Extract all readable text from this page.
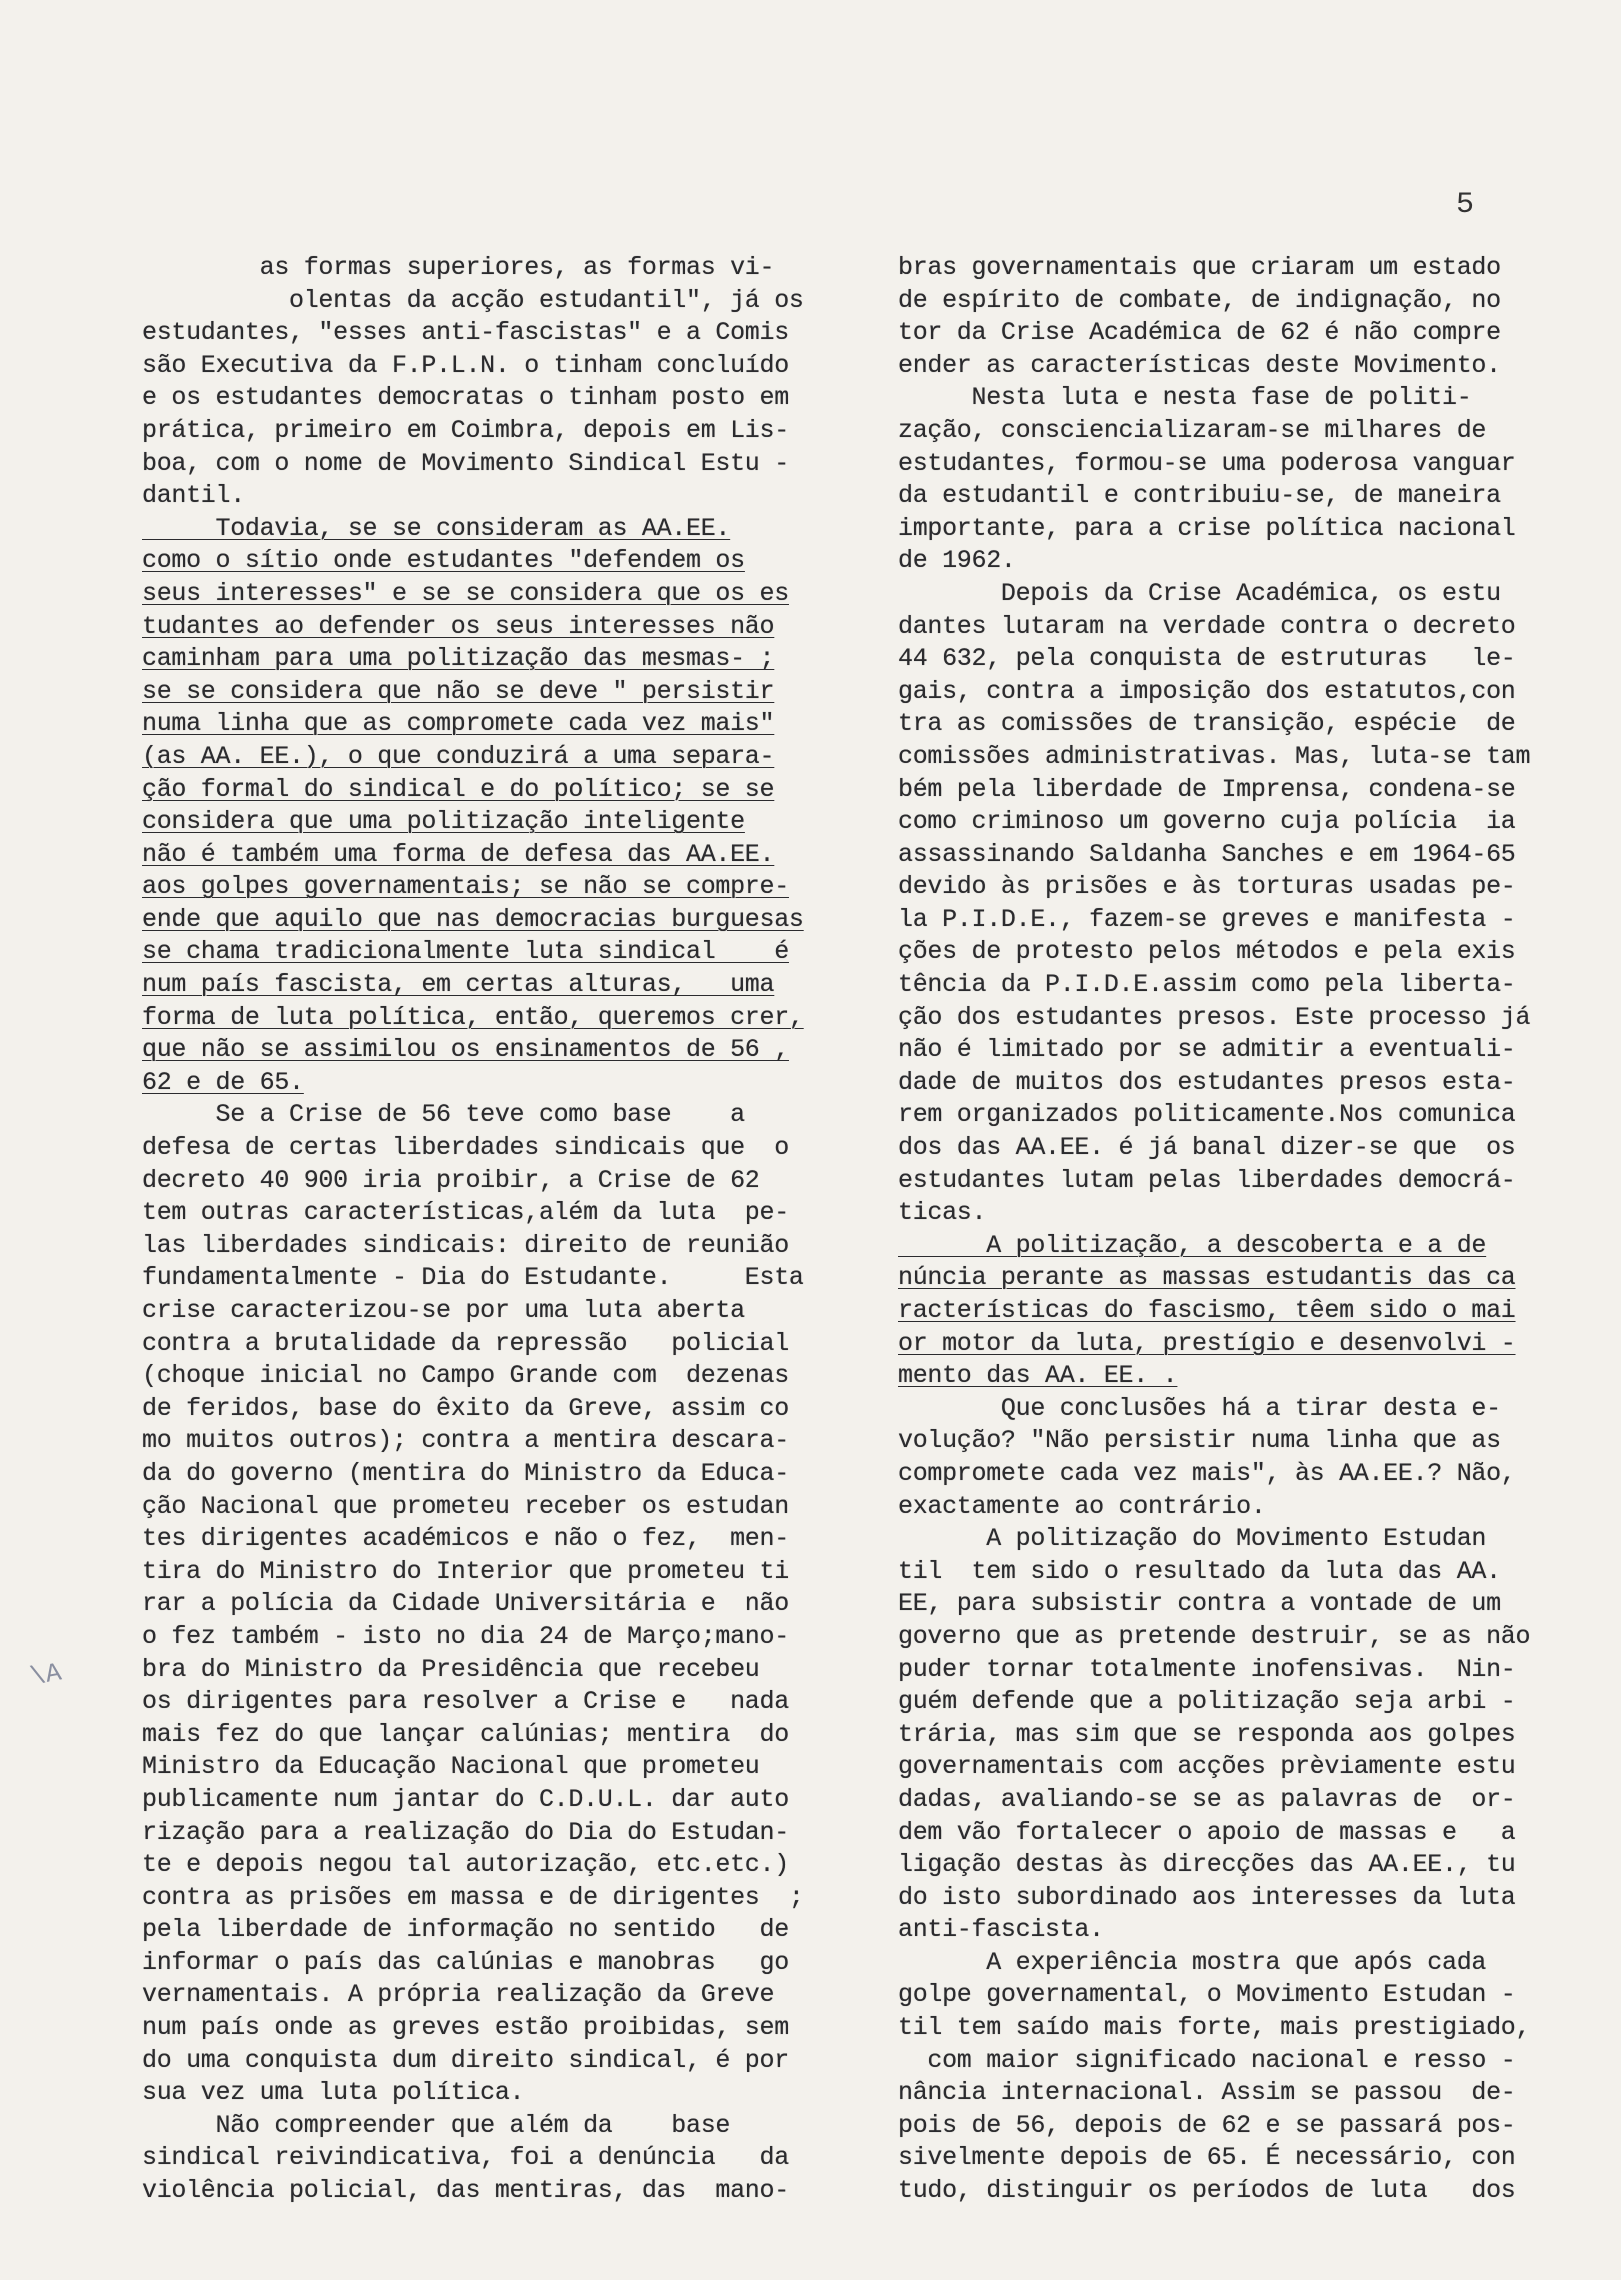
5
\A
as formas superiores, as formas vi-
olentas da acção estudantil", já os
estudantes, "esses anti-fascistas" e a Comis
são Executiva da F.P.L.N. o tinham concluído
e os estudantes democratas o tinham posto em
prática, primeiro em Coimbra, depois em Lis-
boa, com o nome de Movimento Sindical Estu -
dantil.
Todavia, se se consideram as AA.EE.
como o sítio onde estudantes "defendem os
seus interesses" e se se considera que os es
tudantes ao defender os seus interesses não
caminham para uma politização das mesmas- ;
se se considera que não se deve " persistir
numa linha que as compromete cada vez mais"
(as AA. EE.), o que conduzirá a uma separa-
ção formal do sindical e do político; se se
considera que uma politização inteligente
não é também uma forma de defesa das AA.EE.
aos golpes governamentais; se não se compre-
ende que aquilo que nas democracias burguesas
se chama tradicionalmente luta sindical    é
num país fascista, em certas alturas,   uma
forma de luta política, então, queremos crer,
que não se assimilou os ensinamentos de 56 ,
62 e de 65.
Se a Crise de 56 teve como base    a
defesa de certas liberdades sindicais que  o
decreto 40 900 iria proibir, a Crise de 62
tem outras características,além da luta  pe-
las liberdades sindicais: direito de reunião
fundamentalmente - Dia do Estudante.     Esta
crise caracterizou-se por uma luta aberta
contra a brutalidade da repressão   policial
(choque inicial no Campo Grande com  dezenas
de feridos, base do êxito da Greve, assim co
mo muitos outros); contra a mentira descara-
da do governo (mentira do Ministro da Educa-
ção Nacional que prometeu receber os estudan
tes dirigentes académicos e não o fez,  men-
tira do Ministro do Interior que prometeu ti
rar a polícia da Cidade Universitária e  não
o fez também - isto no dia 24 de Março;mano-
bra do Ministro da Presidência que recebeu
os dirigentes para resolver a Crise e   nada
mais fez do que lançar calúnias; mentira  do
Ministro da Educação Nacional que prometeu
publicamente num jantar do C.D.U.L. dar auto
rização para a realização do Dia do Estudan-
te e depois negou tal autorização, etc.etc.)
contra as prisões em massa e de dirigentes  ;
pela liberdade de informação no sentido   de
informar o país das calúnias e manobras   go
vernamentais. A própria realização da Greve
num país onde as greves estão proibidas, sem
do uma conquista dum direito sindical, é por
sua vez uma luta política.
Não compreender que além da    base
sindical reivindicativa, foi a denúncia   da
violência policial, das mentiras, das  mano-
bras governamentais que criaram um estado
de espírito de combate, de indignação, no
tor da Crise Académica de 62 é não compre
ender as características deste Movimento.
Nesta luta e nesta fase de politi-
zação, consciencializaram-se milhares de
estudantes, formou-se uma poderosa vanguar
da estudantil e contribuiu-se, de maneira
importante, para a crise política nacional
de 1962.
Depois da Crise Académica, os estu
dantes lutaram na verdade contra o decreto
44 632, pela conquista de estruturas   le-
gais, contra a imposição dos estatutos,con
tra as comissões de transição, espécie  de
comissões administrativas. Mas, luta-se tam
bém pela liberdade de Imprensa, condena-se
como criminoso um governo cuja polícia  ia
assassinando Saldanha Sanches e em 1964-65
devido às prisões e às torturas usadas pe-
la P.I.D.E., fazem-se greves e manifesta -
ções de protesto pelos métodos e pela exis
tência da P.I.D.E.assim como pela liberta-
ção dos estudantes presos. Este processo já
não é limitado por se admitir a eventuali-
dade de muitos dos estudantes presos esta-
rem organizados politicamente.Nos comunica
dos das AA.EE. é já banal dizer-se que  os
estudantes lutam pelas liberdades democrá-
ticas.
A politização, a descoberta e a de
núncia perante as massas estudantis das ca
racterísticas do fascismo, têem sido o mai
or motor da luta, prestígio e desenvolvi -
mento das AA. EE. .
Que conclusões há a tirar desta e-
volução? "Não persistir numa linha que as
compromete cada vez mais", às AA.EE.? Não,
exactamente ao contrário.
A politização do Movimento Estudan
til  tem sido o resultado da luta das AA.
EE, para subsistir contra a vontade de um
governo que as pretende destruir, se as não
puder tornar totalmente inofensivas.  Nin-
guém defende que a politização seja arbi -
trária, mas sim que se responda aos golpes
governamentais com acções prèviamente estu
dadas, avaliando-se se as palavras de  or-
dem vão fortalecer o apoio de massas e   a
ligação destas às direcções das AA.EE., tu
do isto subordinado aos interesses da luta
anti-fascista.
A experiência mostra que após cada
golpe governamental, o Movimento Estudan -
til tem saído mais forte, mais prestigiado,
com maior significado nacional e resso -
nância internacional. Assim se passou  de-
pois de 56, depois de 62 e se passará pos-
sivelmente depois de 65. É necessário, con
tudo, distinguir os períodos de luta   dos
